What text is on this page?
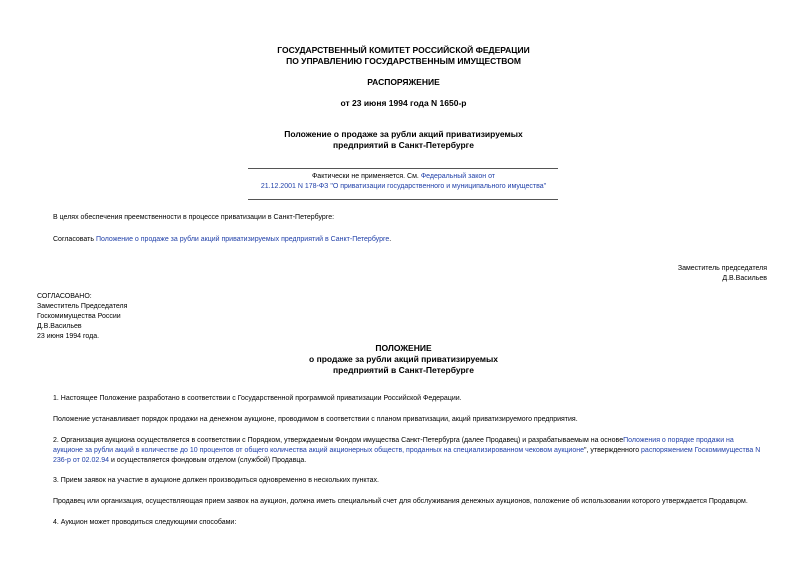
ГОСУДАРСТВЕННЫЙ КОМИТЕТ РОССИЙСКОЙ ФЕДЕРАЦИИ
ПО УПРАВЛЕНИЮ ГОСУДАРСТВЕННЫМ ИМУЩЕСТВОМ
РАСПОРЯЖЕНИЕ
от 23 июня 1994 года N 1650-р
Положение о продаже за рубли акций приватизируемых
предприятий в Санкт-Петербурге
Фактически не применяется. См. Федеральный закон от
21.12.2001 N 178-ФЗ "О приватизации государственного и муниципального имущества"
В целях обеспечения преемственности в процессе приватизации в Санкт-Петербурге:
Согласовать Положение о продаже за рубли акций приватизируемых предприятий в Санкт-Петербурге.
Заместитель председателя
Д.В.Васильев
СОГЛАСОВАНО:
Заместитель Председателя
Госкомимущества России
Д.В.Васильев
23 июня 1994 года.
ПОЛОЖЕНИЕ
о продаже за рубли акций приватизируемых
предприятий в Санкт-Петербурге
1. Настоящее Положение разработано в соответствии с Государственной программой приватизации Российской Федерации.
Положение устанавливает порядок продажи на денежном аукционе, проводимом в соответствии с планом приватизации, акций приватизируемого предприятия.
2. Организация аукциона осуществляется в соответствии с Порядком, утверждаемым Фондом имущества Санкт-Петербурга (далее Продавец) и разрабатываемым на основеПоложения о порядке продажи на
аукционе за рубли акций в количестве до 10 процентов от общего количества акций акционерных обществ, проданных на специализированном чековом аукционе", утвержденного распоряжением Госкомимущества N
236-р от 02.02.94 и осуществляется фондовым отделом (службой) Продавца.
3. Прием заявок на участие в аукционе должен производиться одновременно в нескольких пунктах.
Продавец или организация, осуществляющая прием заявок на аукцион, должна иметь специальный счет для обслуживания денежных аукционов, положение об использовании которого утверждается Продавцом.
4. Аукцион может проводиться следующими способами:
